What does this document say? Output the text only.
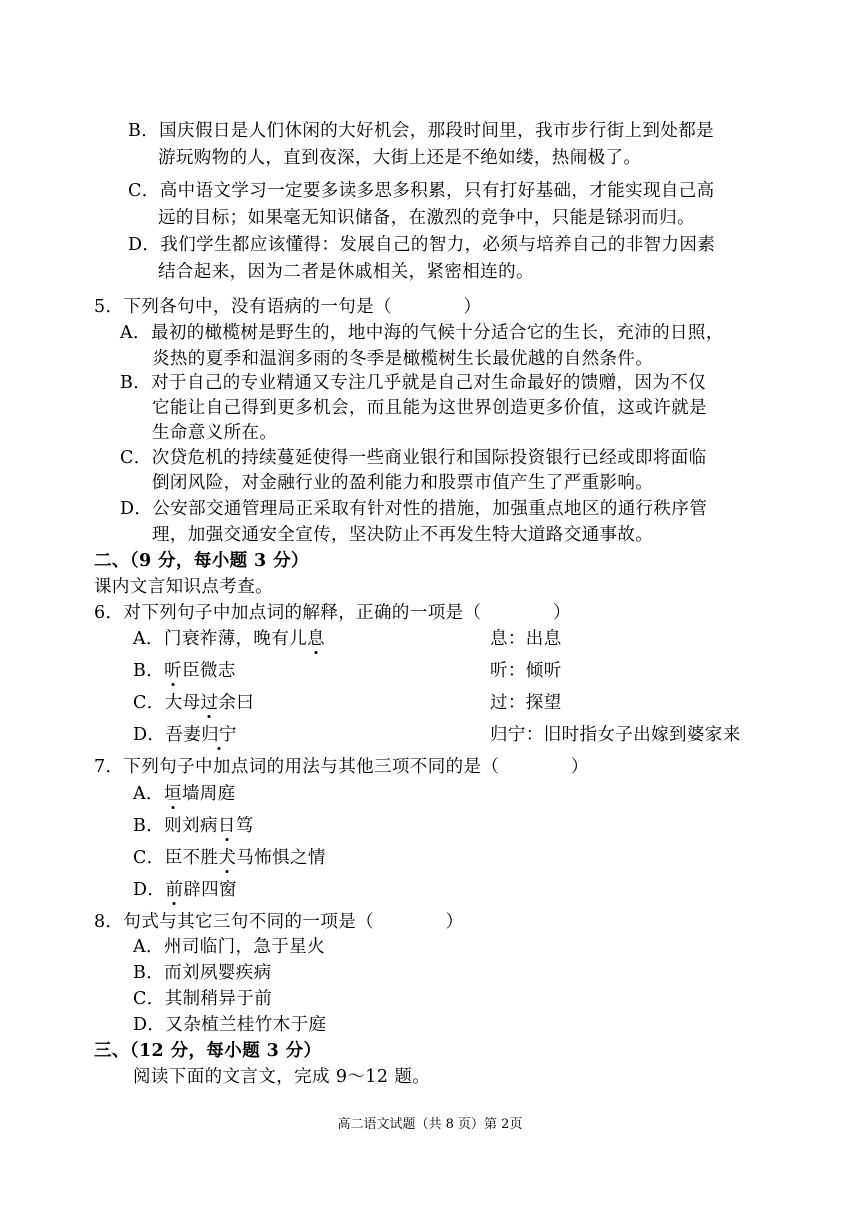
B．国庆假日是人们休闲的大好机会，那段时间里，我市步行街上到处都是
游玩购物的人，直到夜深，大街上还是不绝如缕，热闹极了。
C．高中语文学习一定要多读多思多积累，只有打好基础，才能实现自己高
远的目标；如果毫无知识储备，在激烈的竞争中，只能是铩羽而归。
D．我们学生都应该懂得：发展自己的智力，必须与培养自己的非智力因素
结合起来，因为二者是休戚相关，紧密相连的。
5．下列各句中，没有语病的一句是（　　　　）
A．最初的橄榄树是野生的，地中海的气候十分适合它的生长，充沛的日照，
炎热的夏季和温润多雨的冬季是橄榄树生长最优越的自然条件。
B．对于自己的专业精通又专注几乎就是自己对生命最好的馈赠，因为不仅
它能让自己得到更多机会，而且能为这世界创造更多价值，这或许就是
生命意义所在。
C．次贷危机的持续蔓延使得一些商业银行和国际投资银行已经或即将面临
倒闭风险，对金融行业的盈利能力和股票市值产生了严重影响。
D．公安部交通管理局正采取有针对性的措施，加强重点地区的通行秩序管
理，加强交通安全宣传，坚决防止不再发生特大道路交通事故。
二、（9 分，每小题 3 分）
课内文言知识点考查。
6．对下列句子中加点词的解释，正确的一项是（　　　　）
A．门衰祚薄，晚有儿息	息：出息
B．听臣微志	听：倾听
C．大母过余曰	过：探望
D．吾妻归宁	归宁：旧时指女子出嫁到婆家来
7．下列句子中加点词的用法与其他三项不同的是（　　　　）
A．垣墙周庭
B．则刘病日笃
C．臣不胜犬马怖惧之情
D．前辟四窗
8．句式与其它三句不同的一项是（　　　　）
A．州司临门，急于星火
B．而刘夙婴疾病
C．其制稍异于前
D．又杂植兰桂竹木于庭
三、（12 分，每小题 3 分）
阅读下面的文言文，完成 9～12 题。
高二语文试题（共 8 页）第 2页
